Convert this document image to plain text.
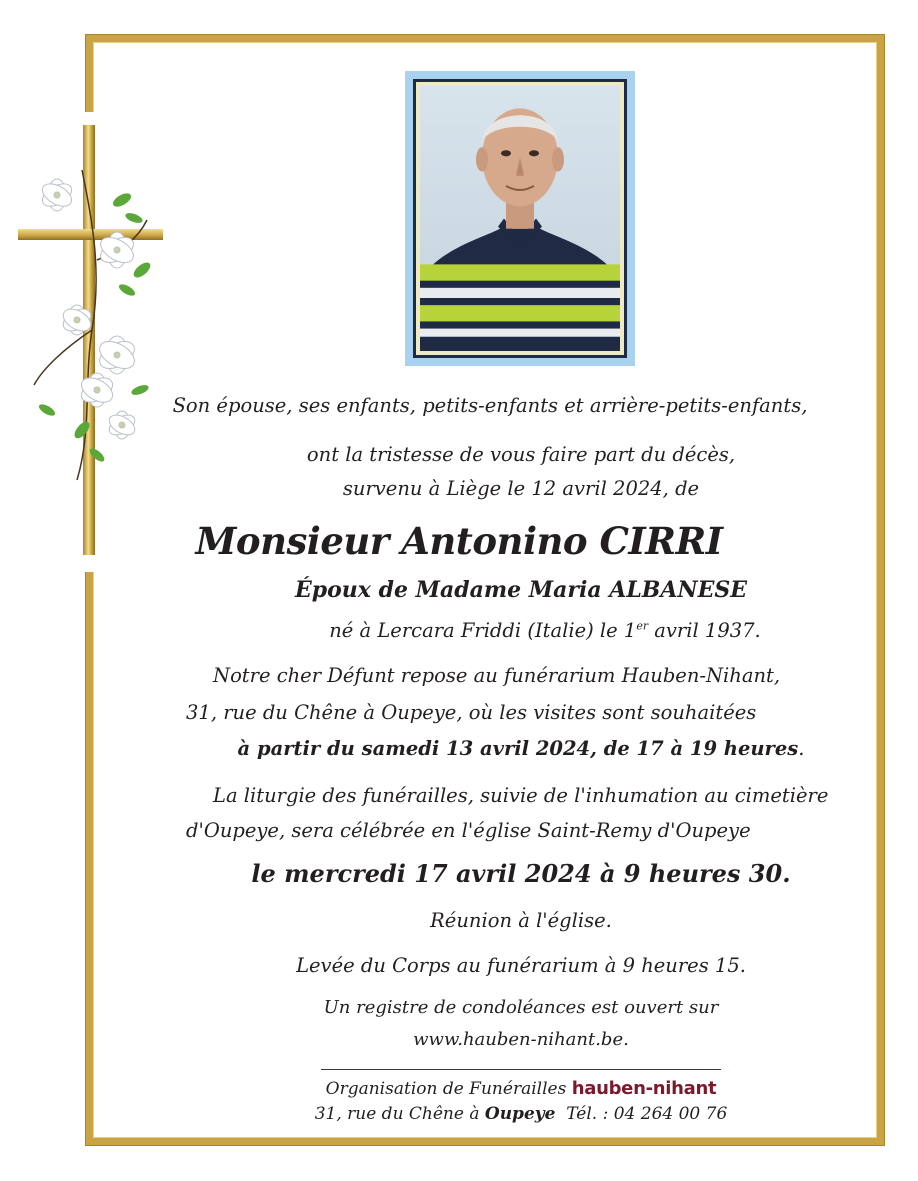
Son épouse, ses enfants, petits-enfants et arrière-petits-enfants,
ont la tristesse de vous faire part du décès,
survenu à Liège le 12 avril 2024, de
Monsieur Antonino CIRRI
Époux de Madame Maria ALBANESE
né à Lercara Friddi (Italie) le 1er avril 1937.
Notre cher Défunt repose au funérarium Hauben-Nihant,
31, rue du Chêne à Oupeye, où les visites sont souhaitées
à partir du samedi 13 avril 2024, de 17 à 19 heures.
La liturgie des funérailles, suivie de l'inhumation au cimetière
d'Oupeye, sera célébrée en l'église Saint-Remy d'Oupeye
le mercredi 17 avril 2024 à 9 heures 30.
Réunion à l'église.
Levée du Corps au funérarium à 9 heures 15.
Un registre de condoléances est ouvert sur
www.hauben-nihant.be.
Organisation de Funérailles hauben-nihant
31, rue du Chêne à Oupeye  Tél. : 04 264 00 76
